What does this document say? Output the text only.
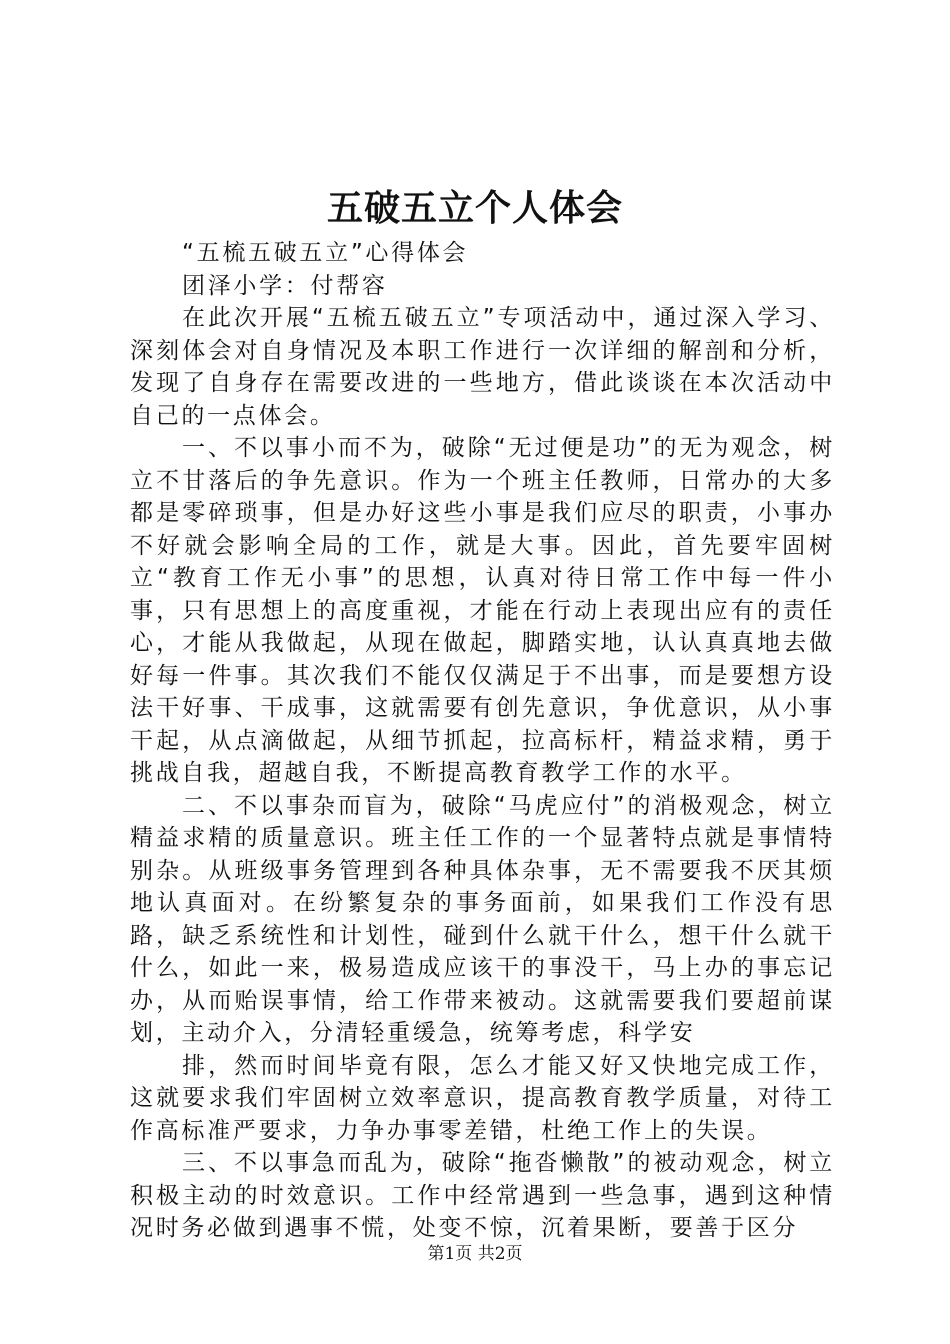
五破五立个人体会

“五梳五破五立”心得体会

团泽小学：付帮容

在此次开展“五梳五破五立”专项活动中，通过深入学习、深刻体会对自身情况及本职工作进行一次详细的解剖和分析，发现了自身存在需要改进的一些地方，借此谈谈在本次活动中自己的一点体会。

一、不以事小而不为，破除“无过便是功”的无为观念，树立不甘落后的争先意识。作为一个班主任教师，日常办的大多都是零碎琐事，但是办好这些小事是我们应尽的职责，小事办不好就会影响全局的工作，就是大事。因此，首先要牢固树立“教育工作无小事”的思想，认真对待日常工作中每一件小事，只有思想上的高度重视，才能在行动上表现出应有的责任心，才能从我做起，从现在做起，脚踏实地，认认真真地去做好每一件事。其次我们不能仅仅满足于不出事，而是要想方设法干好事、干成事，这就需要有创先意识，争优意识，从小事干起，从点滴做起，从细节抓起，拉高标杆，精益求精，勇于挑战自我，超越自我，不断提高教育教学工作的水平。

二、不以事杂而盲为，破除“马虎应付”的消极观念，树立精益求精的质量意识。班主任工作的一个显著特点就是事情特别杂。从班级事务管理到各种具体杂事，无不需要我不厌其烦地认真面对。在纷繁复杂的事务面前，如果我们工作没有思路，缺乏系统性和计划性，碰到什么就干什么，想干什么就干什么，如此一来，极易造成应该干的事没干，马上办的事忘记办，从而贻误事情，给工作带来被动。这就需要我们要超前谋划，主动介入，分清轻重缓急，统筹考虑，科学安

排，然而时间毕竟有限，怎么才能又好又快地完成工作，这就要求我们牢固树立效率意识，提高教育教学质量，对待工作高标准严要求，力争办事零差错，杜绝工作上的失误。

三、不以事急而乱为，破除“拖沓懒散”的被动观念，树立积极主动的时效意识。工作中经常遇到一些急事，遇到这种情况时务必做到遇事不慌，处变不惊，沉着果断，要善于区分

第1页 共2页
